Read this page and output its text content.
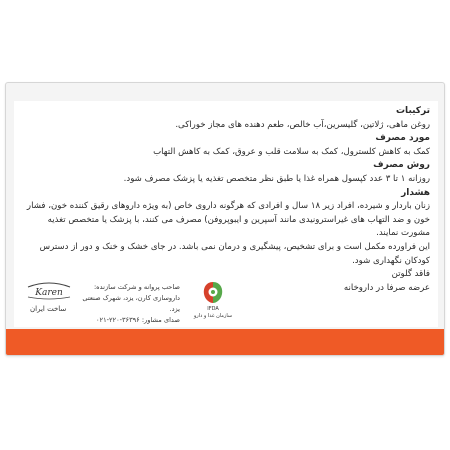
ترکیبات
روغن ماهی، ژلاتین، گلیسرین،آب خالص، طعم دهنده های مجاز خوراکی.
مورد مصرف
کمک به کاهش کلسترول، کمک به سلامت قلب و عروق، کمک به کاهش التهاب
روش مصرف
روزانه ۱ تا ۳ عدد کپسول همراه غذا یا طبق نظر متخصص تغذیه یا پزشک مصرف شود.
هشدار
زنان باردار و شیرده، افراد زیر ۱۸ سال و افرادی که هرگونه داروی خاص (به ویژه داروهای رقیق کننده خون، فشار خون و ضد التهاب های غیراسترونیدی مانند آسپرین و ایبوپروفن) مصرف می کنند، با پزشک یا متخصص تغذیه مشورت نمایند.
این فراورده مکمل است و برای تشخیص، پیشگیری و درمان نمی باشد. در جای خشک و خنک و دور از دسترس کودکان نگهداری شود.
فاقد گلوتن
عرضه صرفا در داروخانه
Karen
ساخت ایران
صاحب پروانه و شرکت سازنده:
داروسازی کارن، یزد، شهرک صنعتی یزد.
صدای مشاور: ۳۶۳۹۶-۲۲۰-۰۲۱
IFDA
سازمان غذا و دارو
